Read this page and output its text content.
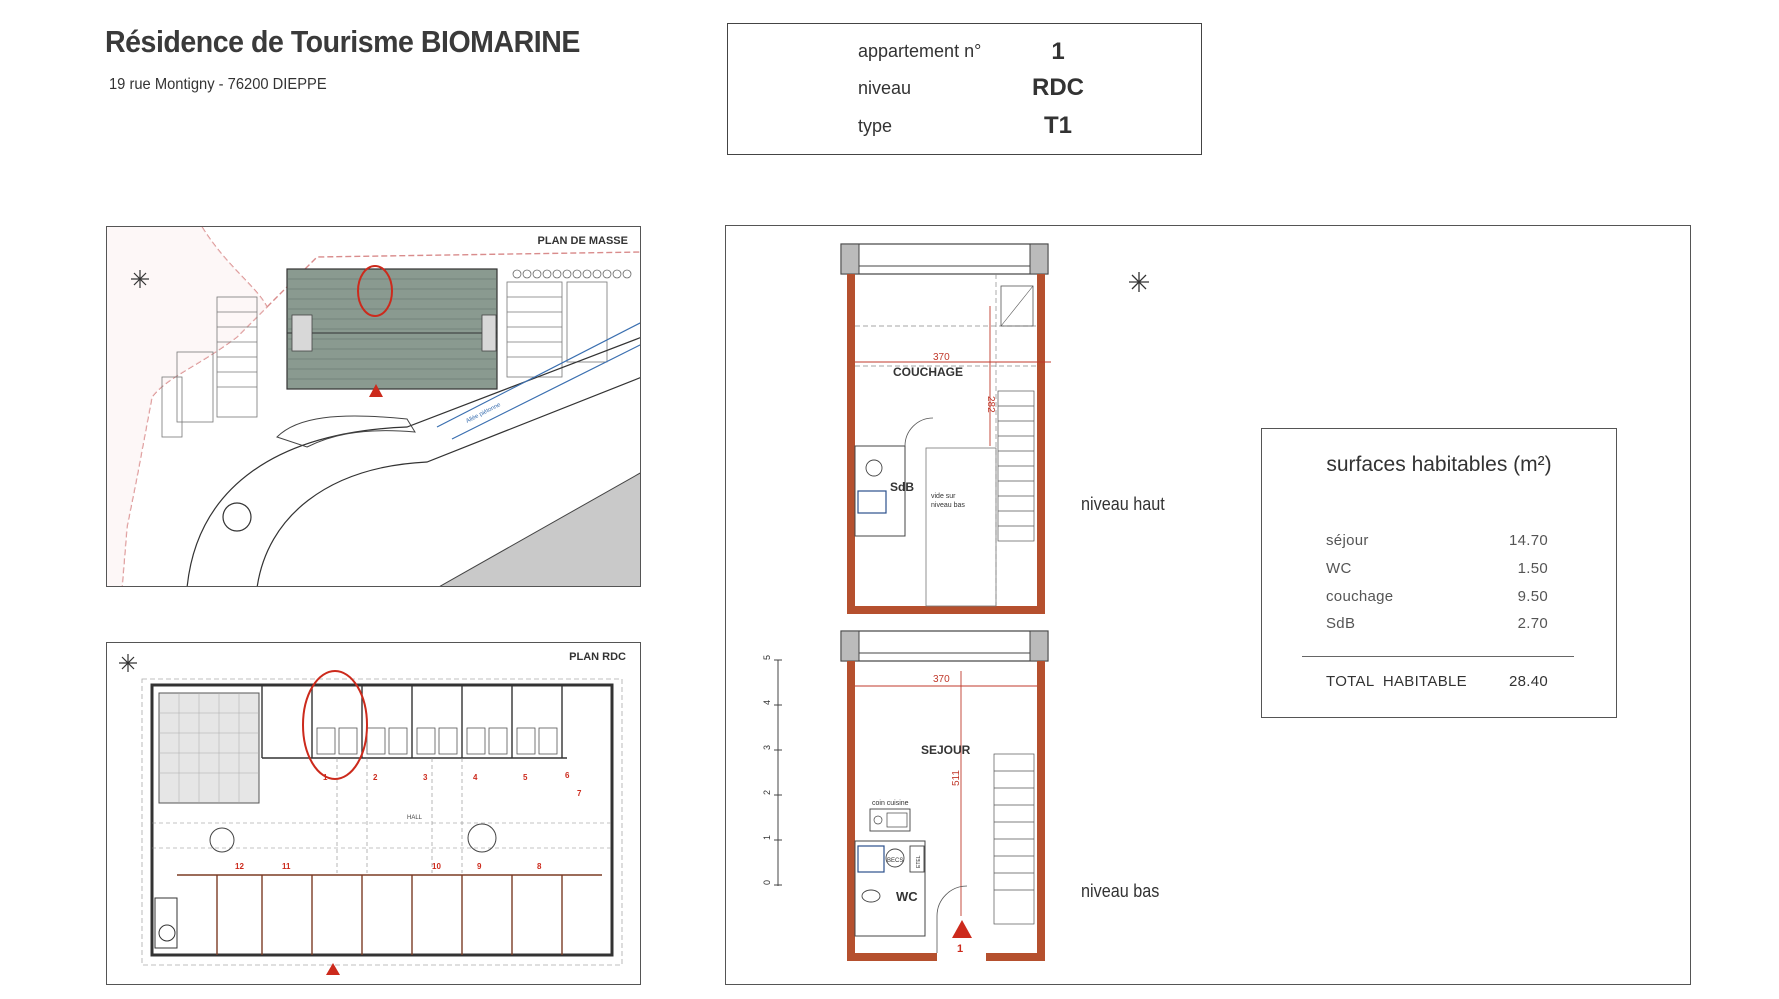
Résidence de Tourisme BIOMARINE
19 rue Montigny - 76200 DIEPPE
appartement n°	1
niveau	RDC
type	T1
Allée piétonne
PLAN DE MASSE
HALL
1	2	3	4	5	6
7
8
9
10
11
12
PLAN RDC
370
282
COUCHAGE
SdB
vide sur
niveau bas
370
511
SEJOUR
coin cuisine
BECS	ETEL
WC
1
5
4
3
2
1
0
niveau haut
niveau bas
surfaces habitables (m²)
séjour	14.70
WC	1.50
couchage	9.50
SdB	2.70
TOTAL  HABITABLE	28.40
